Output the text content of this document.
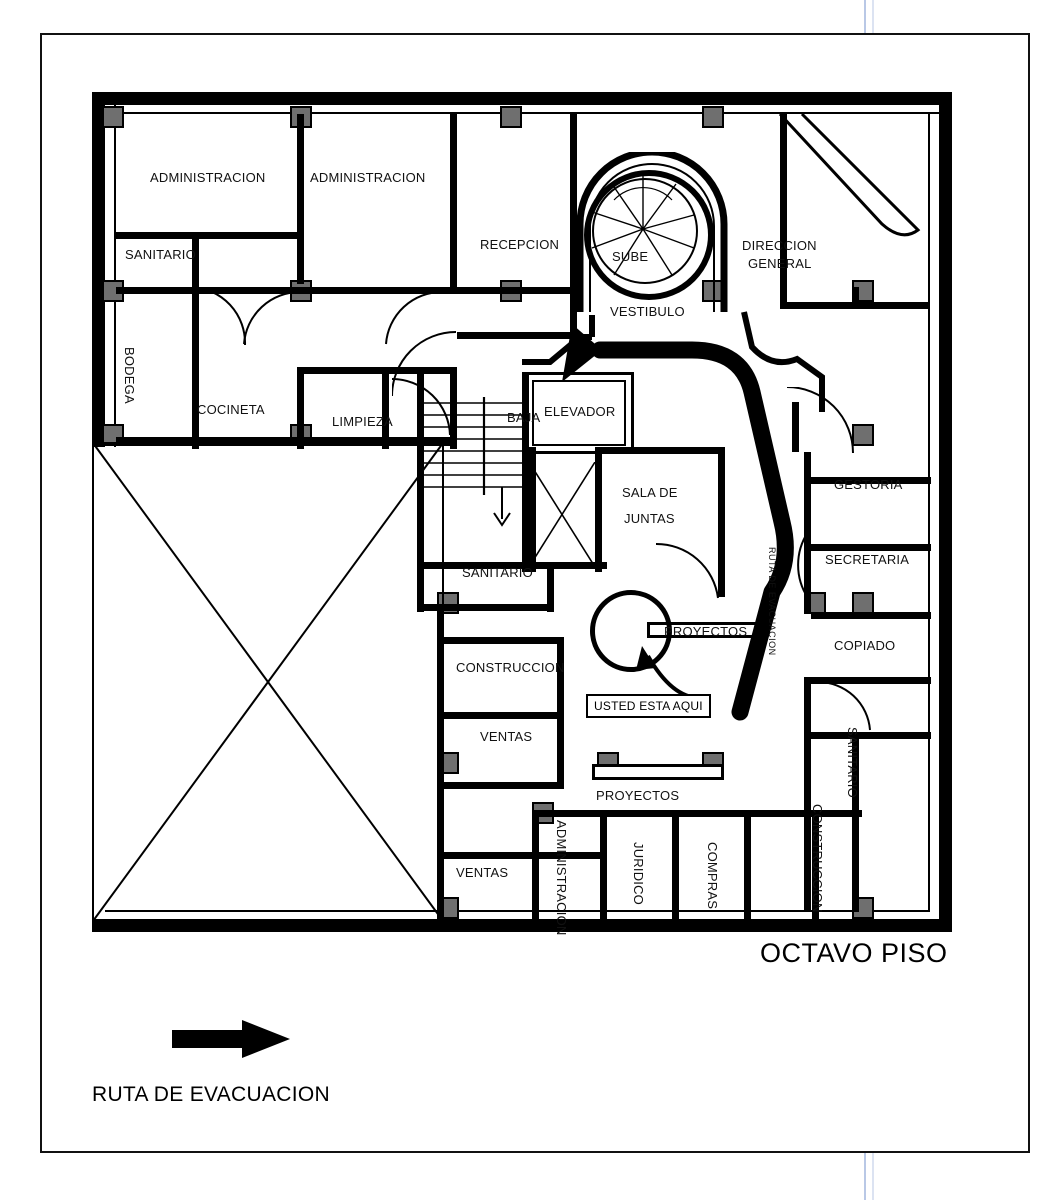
ADMINISTRACION	ADMINISTRACION
SANITARIO
RECEPCION
SUBE
DIRECCION
GENERAL
VESTIBULO
BODEGA
COCINETA
LIMPIEZA	BAJA ELEVADOR
SALA DE
JUNTAS
GESTORIA
SECRETARIA
COPIADO
SANITARIO
SANITARIO
PROYECTOS
CONSTRUCCION
VENTAS
PROYECTOS
VENTAS	ADMINISTRACION	JURIDICO	COMPRAS	CONSTRUCCION
RUTA DE EVACUACION
USTED ESTA AQUI
OCTAVO PISO
RUTA DE EVACUACION
